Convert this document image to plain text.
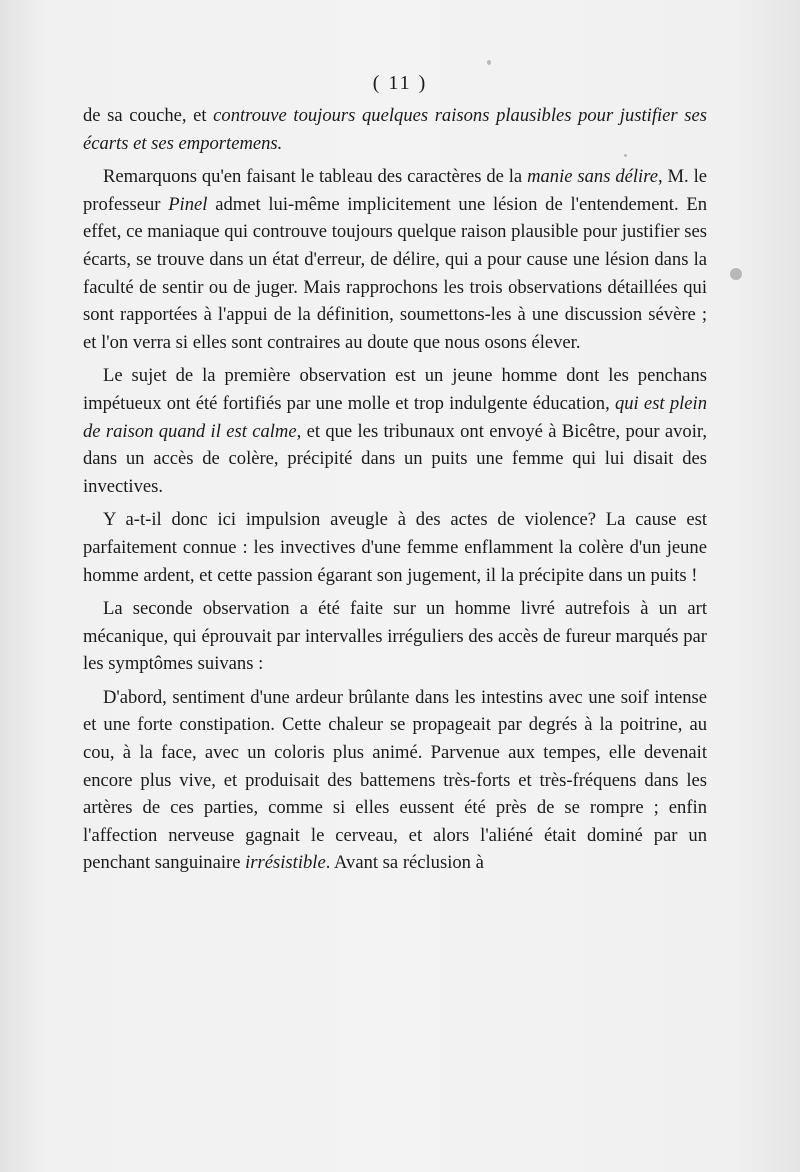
( 11 )

de sa couche, et controuve toujours quelques raisons plausibles pour justifier ses écarts et ses emportemens.

Remarquons qu'en faisant le tableau des caractères de la manie sans délire, M. le professeur Pinel admet lui-même implicitement une lésion de l'entendement. En effet, ce maniaque qui controuve toujours quelque raison plausible pour justifier ses écarts, se trouve dans un état d'erreur, de délire, qui a pour cause une lésion dans la faculté de sentir ou de juger. Mais rapprochons les trois observations détaillées qui sont rapportées à l'appui de la définition, soumettons-les à une discussion sévère ; et l'on verra si elles sont contraires au doute que nous osons élever.

Le sujet de la première observation est un jeune homme dont les penchans impétueux ont été fortifiés par une molle et trop indulgente éducation, qui est plein de raison quand il est calme, et que les tribunaux ont envoyé à Bicêtre, pour avoir, dans un accès de colère, précipité dans un puits une femme qui lui disait des invectives.

Y a-t-il donc ici impulsion aveugle à des actes de violence? La cause est parfaitement connue : les invectives d'une femme enflamment la colère d'un jeune homme ardent, et cette passion égarant son jugement, il la précipite dans un puits !

La seconde observation a été faite sur un homme livré autrefois à un art mécanique, qui éprouvait par intervalles irréguliers des accès de fureur marqués par les symptômes suivans :

D'abord, sentiment d'une ardeur brûlante dans les intestins avec une soif intense et une forte constipation. Cette chaleur se propageait par degrés à la poitrine, au cou, à la face, avec un coloris plus animé. Parvenue aux tempes, elle devenait encore plus vive, et produisait des battemens très-forts et très-fréquens dans les artères de ces parties, comme si elles eussent été près de se rompre ; enfin l'affection nerveuse gagnait le cerveau, et alors l'aliéné était dominé par un penchant sanguinaire irrésistible. Avant sa réclusion à
